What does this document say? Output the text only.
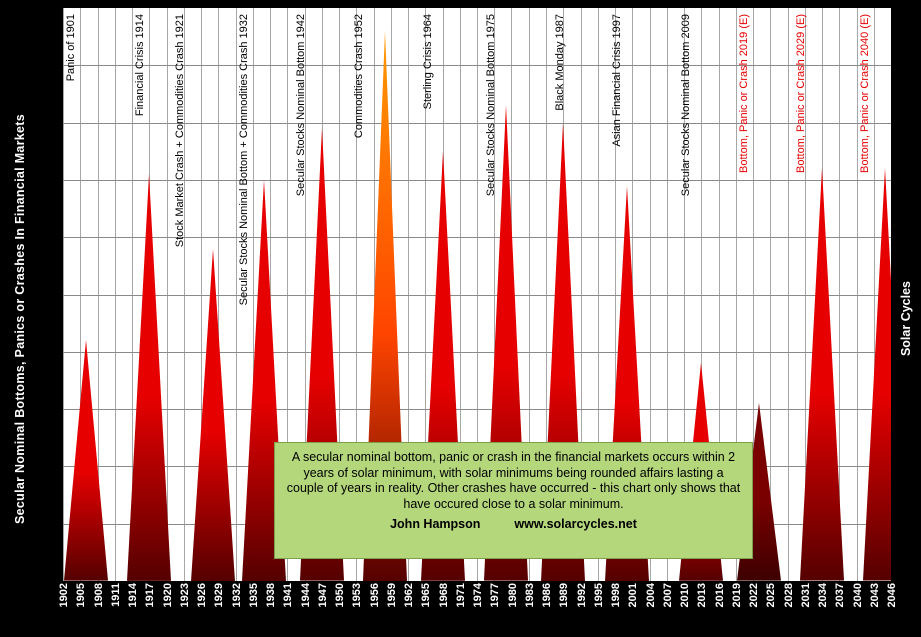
Secular Nominal Bottoms, Panics or Crashes In Financial Markets	Solar Cycles
Panic of 1901	Financial Crisis 1914	Stock Market Crash + Commodities Crash 1921	Secular Stocks Nominal Bottom + Commodities Crash 1932	Secular Stocks Nominal Bottom 1942	Commodities Crash 1952	Sterling Crisis 1964	Secular Stocks Nominal Bottom 1975	Black Monday 1987	Asian Financial Crisis 1997	Secular Stocks Nominal Bottom 2009	Bottom, Panic or Crash 2019 (E)	Bottom, Panic or Crash 2029 (E)	Bottom, Panic or Crash 2040 (E)
A secular nominal bottom, panic or crash in the financial markets occurs within 2 years of solar minimum, with solar minimums being rounded affairs lasting a couple of years in reality. Other crashes have occurred - this chart only shows that have occured close to a solar minimum.
John Hampson	www.solarcycles.net
1902 1905 1908 1911 1914 1917 1920 1923 1926 1929 1932 1935 1938 1941 1944 1947 1950 1953 1956 1959 1962 1965 1968 1971 1974 1977 1980 1983 1986 1989 1992 1995 1998 2001 2004 2007 2010 2013 2016 2019 2022 2025 2028 2031 2034 2037 2040 2043 2046
